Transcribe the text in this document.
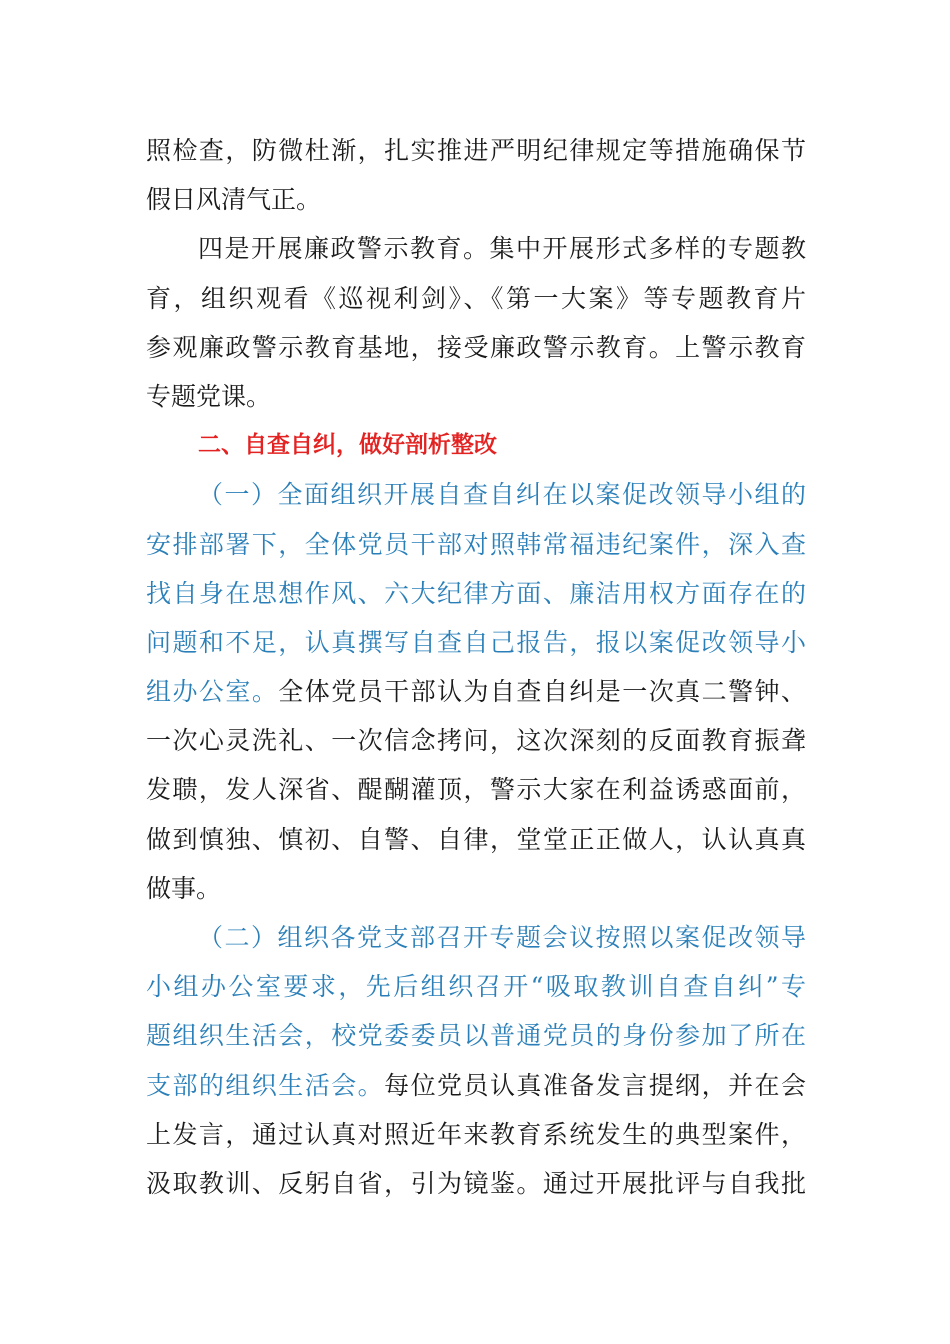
照检查，防微杜渐，扎实推进严明纪律规定等措施确保节
假日风清气正。
四是开展廉政警示教育。集中开展形式多样的专题教
育，组织观看《巡视利剑》、《第一大案》等专题教育片
参观廉政警示教育基地，接受廉政警示教育。上警示教育
专题党课。
二、自查自纠，做好剖析整改
（一）全面组织开展自查自纠在以案促改领导小组的
安排部署下，全体党员干部对照韩常福违纪案件，深入查
找自身在思想作风、六大纪律方面、廉洁用权方面存在的
问题和不足，认真撰写自查自己报告，报以案促改领导小
组办公室。全体党员干部认为自查自纠是一次真二警钟、
一次心灵洗礼、一次信念拷问，这次深刻的反面教育振聋
发聩，发人深省、醍醐灌顶，警示大家在利益诱惑面前，
做到慎独、慎初、自警、自律，堂堂正正做人，认认真真
做事。
（二）组织各党支部召开专题会议按照以案促改领导
小组办公室要求，先后组织召开“吸取教训自查自纠”专
题组织生活会，校党委委员以普通党员的身份参加了所在
支部的组织生活会。每位党员认真准备发言提纲，并在会
上发言，通过认真对照近年来教育系统发生的典型案件，
汲取教训、反躬自省，引为镜鉴。通过开展批评与自我批
